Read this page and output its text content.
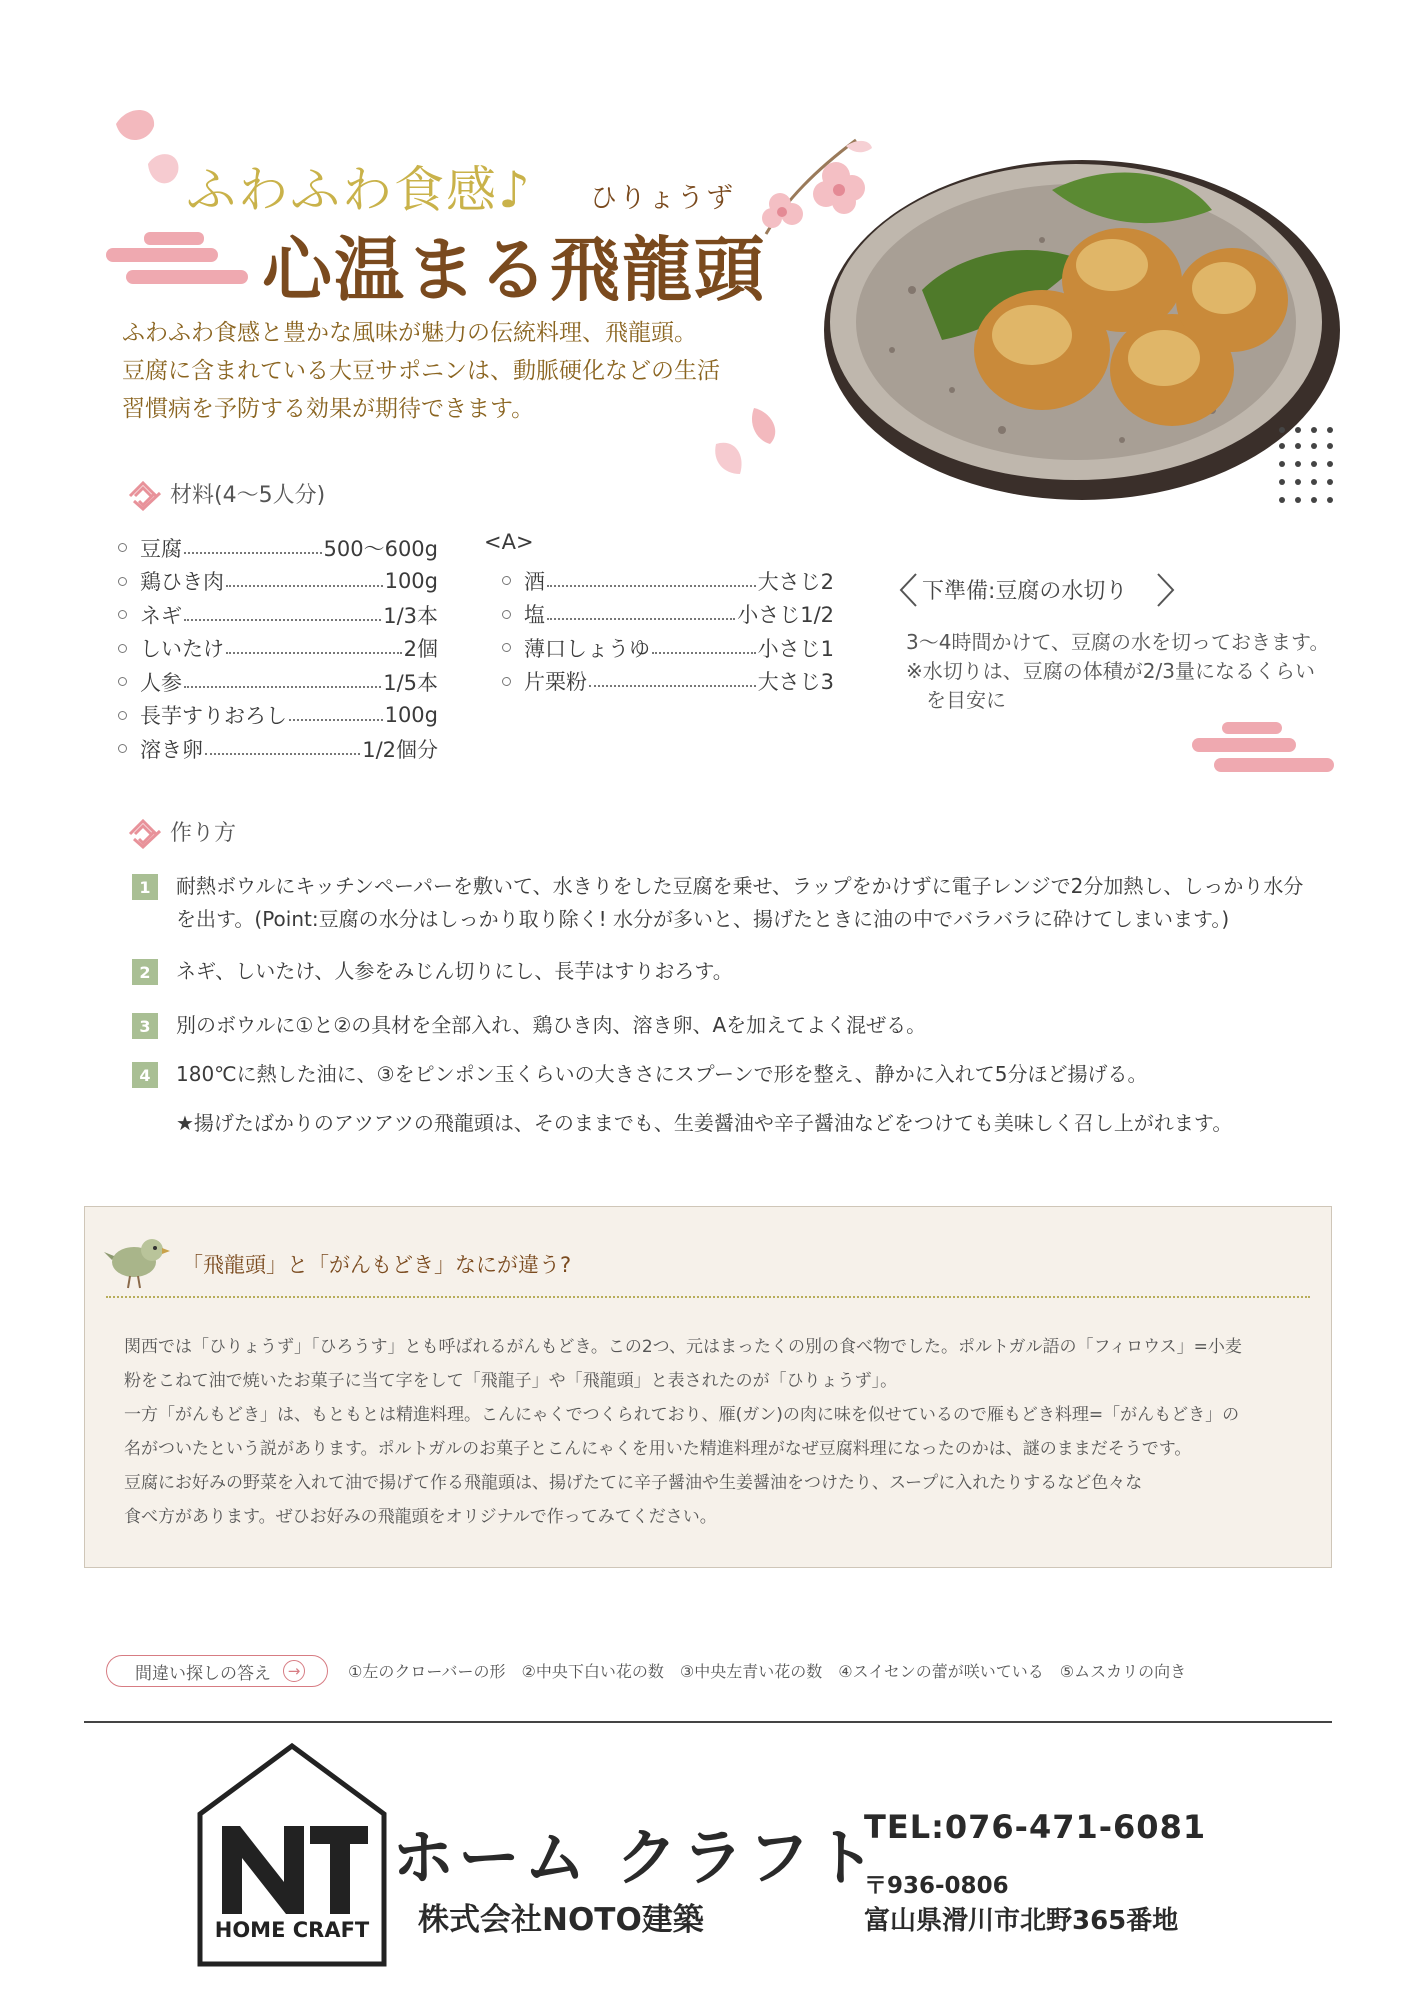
ふわふわ食感♪ ひりょうず
心温まる飛龍頭
ふわふわ食感と豊かな風味が魅力の伝統料理、飛龍頭。
豆腐に含まれている大豆サポニンは、動脈硬化などの生活
習慣病を予防する効果が期待できます。
材料(4～5人分)
豆腐	500～600g
鶏ひき肉	100g
ネギ	1/3本
しいたけ	2個
人参	1/5本
長芋すりおろし	100g
溶き卵	1/2個分
<A>
酒	大さじ2
塩	小さじ1/2
薄口しょうゆ	小さじ1
片栗粉	大さじ3
下準備:豆腐の水切り
3～4時間かけて、豆腐の水を切っておきます。
※水切りは、豆腐の体積が2/3量になるくらい
　を目安に
作り方
1	耐熱ボウルにキッチンペーパーを敷いて、水きりをした豆腐を乗せ、ラップをかけずに電子レンジで2分加熱し、しっかり水分
を出す。(Point:豆腐の水分はしっかり取り除く! 水分が多いと、揚げたときに油の中でバラバラに砕けてしまいます。)
2	ネギ、しいたけ、人参をみじん切りにし、長芋はすりおろす。
3	別のボウルに①と②の具材を全部入れ、鶏ひき肉、溶き卵、Aを加えてよく混ぜる。
4	180℃に熱した油に、③をピンポン玉くらいの大きさにスプーンで形を整え、静かに入れて5分ほど揚げる。
★揚げたばかりのアツアツの飛龍頭は、そのままでも、生姜醤油や辛子醤油などをつけても美味しく召し上がれます。
「飛龍頭」と「がんもどき」なにが違う?
関西では「ひりょうず」「ひろうす」とも呼ばれるがんもどき。この2つ、元はまったくの別の食べ物でした。ポルトガル語の「フィロウス」=小麦
粉をこねて油で焼いたお菓子に当て字をして「飛龍子」や「飛龍頭」と表されたのが「ひりょうず」。
一方「がんもどき」は、もともとは精進料理。こんにゃくでつくられており、雁(ガン)の肉に味を似せているので雁もどき料理=「がんもどき」の
名がついたという説があります。ポルトガルのお菓子とこんにゃくを用いた精進料理がなぜ豆腐料理になったのかは、謎のままだそうです。
豆腐にお好みの野菜を入れて油で揚げて作る飛龍頭は、揚げたてに辛子醤油や生姜醤油をつけたり、スープに入れたりするなど色々な
食べ方があります。ぜひお好みの飛龍頭をオリジナルで作ってみてください。
間違い探しの答え	→	①左のクローバーの形　②中央下白い花の数　③中央左青い花の数　④スイセンの蕾が咲いている　⑤ムスカリの向き
HOME CRAFT
ホーム クラフト
株式会社NOTO建築
TEL:076-471-6081
〒936-0806
富山県滑川市北野365番地
